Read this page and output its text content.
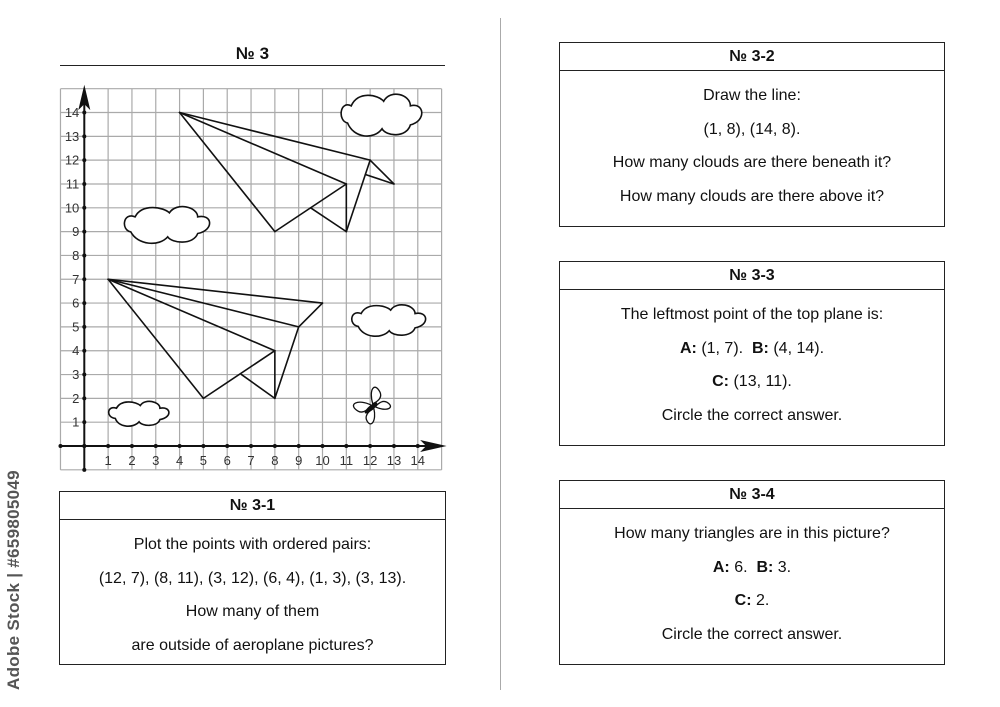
Adobe Stock | #659805049
№ 3
1 2 3 4 5 6 7 8 9 10 11 12 13 14
1
2
3
4
5
6
7
8
9
10
11
12
13
14
№ 3-1
Plot the points with ordered pairs:
(12, 7), (8, 11), (3, 12), (6, 4), (1, 3), (3, 13).
How many of them
are outside of aeroplane pictures?
№ 3-2
Draw the line:
(1, 8), (14, 8).
How many clouds are there beneath it?
How many clouds are there above it?
№ 3-3
The leftmost point of the top plane is:
A: (1, 7). B: (4, 14).
C: (13, 11).
Circle the correct answer.
№ 3-4
How many triangles are in this picture?
A: 6. B: 3.
C: 2.
Circle the correct answer.
